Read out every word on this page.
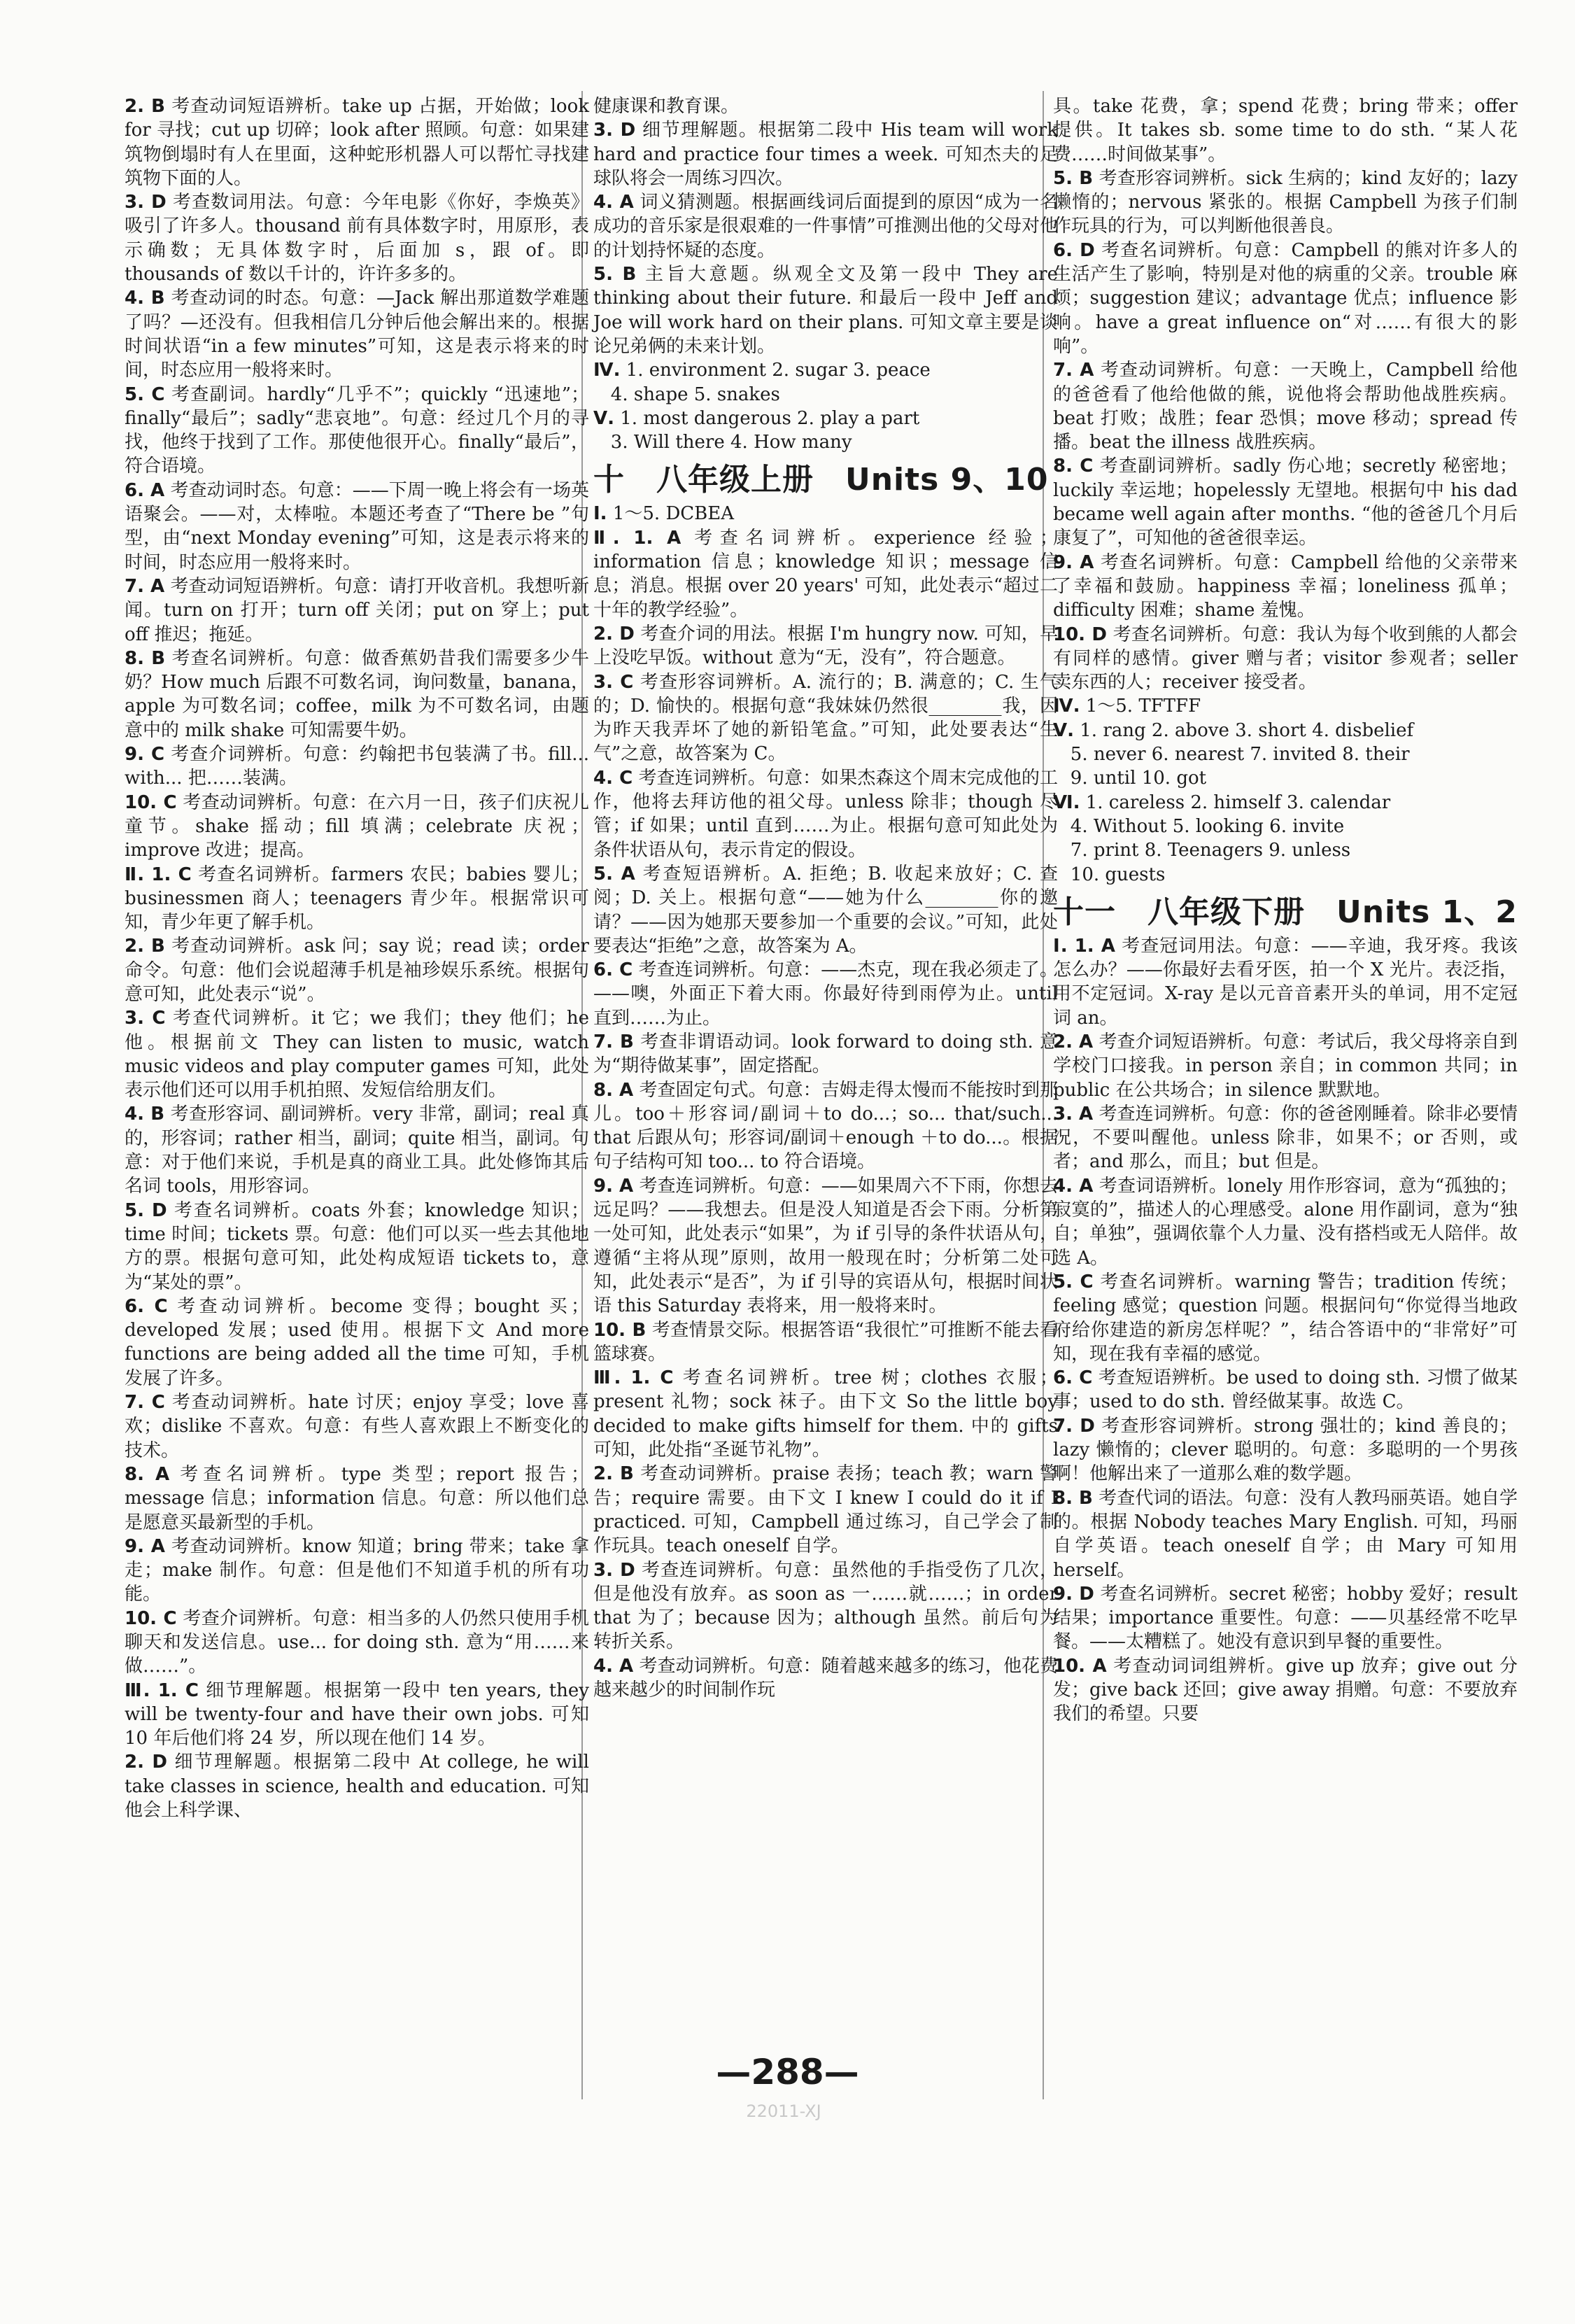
2. B 考查动词短语辨析。take up 占据，开始做；look for 寻找；cut up 切碎；look after 照顾。句意：如果建筑物倒塌时有人在里面，这种蛇形机器人可以帮忙寻找建筑物下面的人。
3. D 考查数词用法。句意：今年电影《你好，李焕英》吸引了许多人。thousand 前有具体数字时，用原形，表示确数；无具体数字时，后面加 s，跟 of。即 thousands of 数以千计的，许许多多的。
4. B 考查动词的时态。句意：—Jack 解出那道数学难题了吗？—还没有。但我相信几分钟后他会解出来的。根据时间状语“in a few minutes”可知，这是表示将来的时间，时态应用一般将来时。
5. C 考查副词。hardly“几乎不”；quickly “迅速地”；finally“最后”；sadly“悲哀地”。句意：经过几个月的寻找，他终于找到了工作。那使他很开心。finally“最后”，符合语境。
6. A 考查动词时态。句意：——下周一晚上将会有一场英语聚会。——对，太棒啦。本题还考查了“There be ”句型，由“next Monday evening”可知，这是表示将来的时间，时态应用一般将来时。
7. A 考查动词短语辨析。句意：请打开收音机。我想听新闻。turn on 打开；turn off 关闭；put on 穿上；put off 推迟；拖延。
8. B 考查名词辨析。句意：做香蕉奶昔我们需要多少牛奶？How much 后跟不可数名词，询问数量，banana，apple 为可数名词；coffee，milk 为不可数名词，由题意中的 milk shake 可知需要牛奶。
9. C 考查介词辨析。句意：约翰把书包装满了书。fill... with... 把……装满。
10. C 考查动词辨析。句意：在六月一日，孩子们庆祝儿童节。shake 摇动；fill 填满；celebrate 庆祝；improve 改进；提高。
Ⅱ. 1. C 考查名词辨析。farmers 农民；babies 婴儿；businessmen 商人；teenagers 青少年。根据常识可知，青少年更了解手机。
2. B 考查动词辨析。ask 问；say 说；read 读；order 命令。句意：他们会说超薄手机是袖珍娱乐系统。根据句意可知，此处表示“说”。
3. C 考查代词辨析。it 它；we 我们；they 他们；he 他。根据前文 They can listen to music, watch music videos and play computer games 可知，此处表示他们还可以用手机拍照、发短信给朋友们。
4. B 考查形容词、副词辨析。very 非常，副词；real 真的，形容词；rather 相当，副词；quite 相当，副词。句意：对于他们来说，手机是真的商业工具。此处修饰其后名词 tools，用形容词。
5. D 考查名词辨析。coats 外套；knowledge 知识；time 时间；tickets 票。句意：他们可以买一些去其他地方的票。根据句意可知，此处构成短语 tickets to，意为“某处的票”。
6. C 考查动词辨析。become 变得；bought 买；developed 发展；used 使用。根据下文 And more functions are being added all the time 可知，手机发展了许多。
7. C 考查动词辨析。hate 讨厌；enjoy 享受；love 喜欢；dislike 不喜欢。句意：有些人喜欢跟上不断变化的技术。
8. A 考查名词辨析。type 类型；report 报告；message 信息；information 信息。句意：所以他们总是愿意买最新型的手机。
9. A 考查动词辨析。know 知道；bring 带来；take 拿走；make 制作。句意：但是他们不知道手机的所有功能。
10. C 考查介词辨析。句意：相当多的人仍然只使用手机聊天和发送信息。use... for doing sth. 意为“用……来做……”。
Ⅲ. 1. C 细节理解题。根据第一段中 ten years, they will be twenty-four and have their own jobs. 可知 10 年后他们将 24 岁，所以现在他们 14 岁。
2. D 细节理解题。根据第二段中 At college, he will take classes in science, health and education. 可知他会上科学课、
健康课和教育课。
3. D 细节理解题。根据第二段中 His team will work hard and practice four times a week. 可知杰夫的足球队将会一周练习四次。
4. A 词义猜测题。根据画线词后面提到的原因“成为一名成功的音乐家是很艰难的一件事情”可推测出他的父母对他的计划持怀疑的态度。
5. B 主旨大意题。纵观全文及第一段中 They are thinking about their future. 和最后一段中 Jeff and Joe will work hard on their plans. 可知文章主要是谈论兄弟俩的未来计划。
Ⅳ. 1. environment 2. sugar 3. peace
4. shape 5. snakes
Ⅴ. 1. most dangerous 2. play a part
3. Will there 4. How many
十　八年级上册　Units 9、10
Ⅰ. 1～5. DCBEA
Ⅱ. 1. A 考查名词辨析。experience 经验；information 信息；knowledge 知识；message 信息；消息。根据 over 20 years' 可知，此处表示“超过二十年的教学经验”。
2. D 考查介词的用法。根据 I'm hungry now. 可知，早上没吃早饭。without 意为“无，没有”，符合题意。
3. C 考查形容词辨析。A. 流行的；B. 满意的；C. 生气的；D. 愉快的。根据句意“我妹妹仍然很________我，因为昨天我弄坏了她的新铅笔盒。”可知，此处要表达“生气”之意，故答案为 C。
4. C 考查连词辨析。句意：如果杰森这个周末完成他的工作，他将去拜访他的祖父母。unless 除非；though 尽管；if 如果；until 直到……为止。根据句意可知此处为条件状语从句，表示肯定的假设。
5. A 考查短语辨析。A. 拒绝；B. 收起来放好；C. 查阅；D. 关上。根据句意“——她为什么________你的邀请？——因为她那天要参加一个重要的会议。”可知，此处要表达“拒绝”之意，故答案为 A。
6. C 考查连词辨析。句意：——杰克，现在我必须走了。——噢，外面正下着大雨。你最好待到雨停为止。until 直到……为止。
7. B 考查非谓语动词。look forward to doing sth. 意为“期待做某事”，固定搭配。
8. A 考查固定句式。句意：吉姆走得太慢而不能按时到那儿。too＋形容词/副词＋to do...；so... that/such... that 后跟从句；形容词/副词＋enough ＋to do...。根据句子结构可知 too... to 符合语境。
9. A 考查连词辨析。句意：——如果周六不下雨，你想去远足吗？——我想去。但是没人知道是否会下雨。分析第一处可知，此处表示“如果”，为 if 引导的条件状语从句，遵循“主将从现”原则，故用一般现在时；分析第二处可知，此处表示“是否”，为 if 引导的宾语从句，根据时间状语 this Saturday 表将来，用一般将来时。
10. B 考查情景交际。根据答语“我很忙”可推断不能去看篮球赛。
Ⅲ. 1. C 考查名词辨析。tree 树；clothes 衣服；present 礼物；sock 袜子。由下文 So the little boy decided to make gifts himself for them. 中的 gifts 可知，此处指“圣诞节礼物”。
2. B 考查动词辨析。praise 表扬；teach 教；warn 警告；require 需要。由下文 I knew I could do it if I practiced. 可知，Campbell 通过练习，自己学会了制作玩具。teach oneself 自学。
3. D 考查连词辨析。句意：虽然他的手指受伤了几次，但是他没有放弃。as soon as 一……就……；in order that 为了；because 因为；although 虽然。前后句为转折关系。
4. A 考查动词辨析。句意：随着越来越多的练习，他花费越来越少的时间制作玩
具。take 花费，拿；spend 花费；bring 带来；offer 提供。It takes sb. some time to do sth. “某人花费……时间做某事”。
5. B 考查形容词辨析。sick 生病的；kind 友好的；lazy 懒惰的；nervous 紧张的。根据 Campbell 为孩子们制作玩具的行为，可以判断他很善良。
6. D 考查名词辨析。句意：Campbell 的熊对许多人的生活产生了影响，特别是对他的病重的父亲。trouble 麻烦；suggestion 建议；advantage 优点；influence 影响。have a great influence on“对……有很大的影响”。
7. A 考查动词辨析。句意：一天晚上，Campbell 给他的爸爸看了他给他做的熊，说他将会帮助他战胜疾病。beat 打败；战胜；fear 恐惧；move 移动；spread 传播。beat the illness 战胜疾病。
8. C 考查副词辨析。sadly 伤心地；secretly 秘密地；luckily 幸运地；hopelessly 无望地。根据句中 his dad became well again after months. “他的爸爸几个月后康复了”，可知他的爸爸很幸运。
9. A 考查名词辨析。句意：Campbell 给他的父亲带来了幸福和鼓励。happiness 幸福；loneliness 孤单；difficulty 困难；shame 羞愧。
10. D 考查名词辨析。句意：我认为每个收到熊的人都会有同样的感情。giver 赠与者；visitor 参观者；seller 卖东西的人；receiver 接受者。
Ⅳ. 1～5. TFTFF
Ⅴ. 1. rang 2. above 3. short 4. disbelief
5. never 6. nearest 7. invited 8. their
9. until 10. got
Ⅵ. 1. careless 2. himself 3. calendar
4. Without 5. looking 6. invite
7. print 8. Teenagers 9. unless
10. guests
十一　八年级下册　Units 1、2
Ⅰ. 1. A 考查冠词用法。句意：——辛迪，我牙疼。我该怎么办？——你最好去看牙医，拍一个 X 光片。表泛指，用不定冠词。X-ray 是以元音音素开头的单词，用不定冠词 an。
2. A 考查介词短语辨析。句意：考试后，我父母将亲自到学校门口接我。in person 亲自；in common 共同；in public 在公共场合；in silence 默默地。
3. A 考查连词辨析。句意：你的爸爸刚睡着。除非必要情况，不要叫醒他。unless 除非，如果不；or 否则，或者；and 那么，而且；but 但是。
4. A 考查词语辨析。lonely 用作形容词，意为“孤独的；寂寞的”，描述人的心理感受。alone 用作副词，意为“独自；单独”，强调依靠个人力量、没有搭档或无人陪伴。故选 A。
5. C 考查名词辨析。warning 警告；tradition 传统；feeling 感觉；question 问题。根据问句“你觉得当地政府给你建造的新房怎样呢？”，结合答语中的“非常好”可知，现在我有幸福的感觉。
6. C 考查短语辨析。be used to doing sth. 习惯了做某事；used to do sth. 曾经做某事。故选 C。
7. D 考查形容词辨析。strong 强壮的；kind 善良的；lazy 懒惰的；clever 聪明的。句意：多聪明的一个男孩啊！他解出来了一道那么难的数学题。
8. B 考查代词的语法。句意：没有人教玛丽英语。她自学的。根据 Nobody teaches Mary English. 可知，玛丽自学英语。teach oneself 自学；由 Mary 可知用 herself。
9. D 考查名词辨析。secret 秘密；hobby 爱好；result 结果；importance 重要性。句意：——贝基经常不吃早餐。——太糟糕了。她没有意识到早餐的重要性。
10. A 考查动词词组辨析。give up 放弃；give out 分发；give back 还回；give away 捐赠。句意：不要放弃我们的希望。只要
—288—
22011-XJ
